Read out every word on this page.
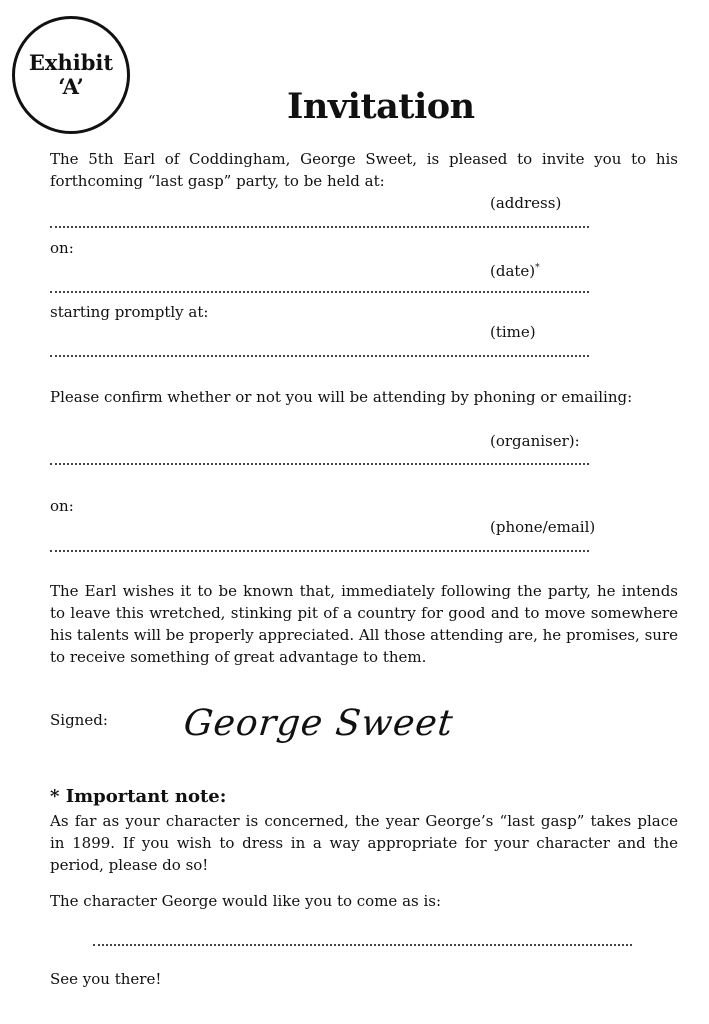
Exhibit
‘A’	Invitation
The 5th Earl of Coddingham, George Sweet, is pleased to invite you to his forthcoming “last gasp” party, to be held at:
(address)
on:
(date)*
starting promptly at:
(time)
Please confirm whether or not you will be attending by phoning or emailing:
(organiser):
on:
(phone/email)
The Earl wishes it to be known that, immediately following the party, he intends to leave this wretched, stinking pit of a country for good and to move somewhere his talents will be properly appreciated. All those attending are, he promises, sure to receive something of great advantage to them.
Signed: George Sweet
* Important note:
As far as your character is concerned, the year George’s “last gasp” takes place in 1899. If you wish to dress in a way appropriate for your character and the period, please do so!
The character George would like you to come as is:
See you there!
